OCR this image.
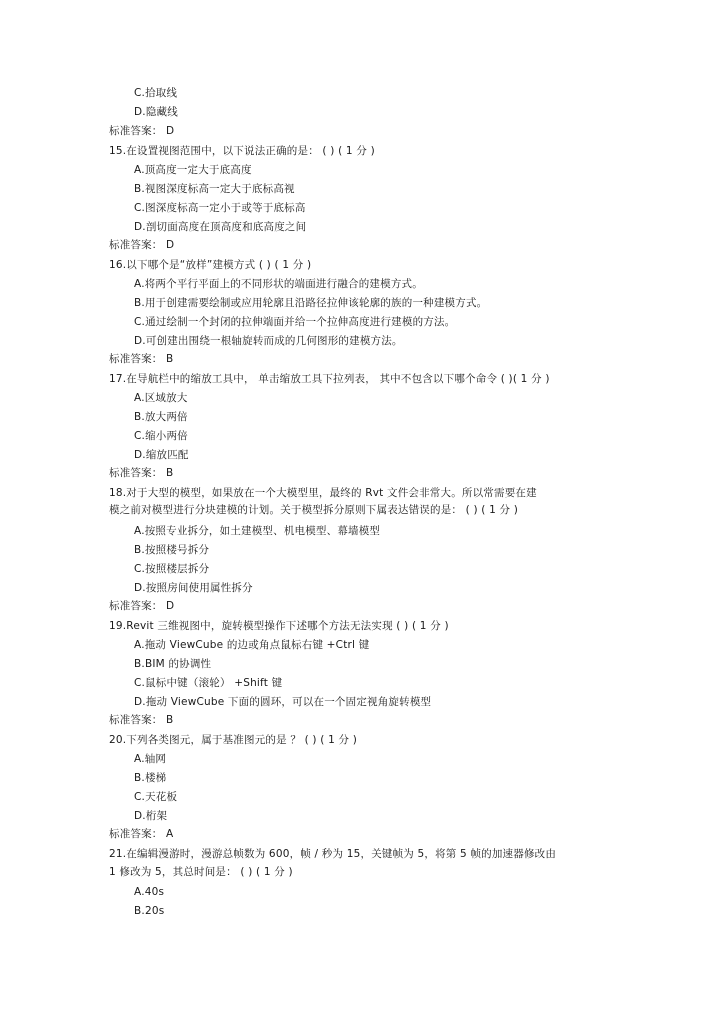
C.拾取线
D.隐藏线
标准答案： D
15.在设置视图范围中，以下说法正确的是： ( ) ( 1 分 )
A.顶高度一定大于底高度
B.视图深度标高一定大于底标高视
C.图深度标高一定小于或等于底标高
D.剖切面高度在顶高度和底高度之间
标准答案： D
16.以下哪个是“放样”建模方式 ( ) ( 1 分 )
A.将两个平行平面上的不同形状的端面进行融合的建模方式。
B.用于创建需要绘制或应用轮廓且沿路径拉伸该轮廓的族的一种建模方式。
C.通过绘制一个封闭的拉伸端面并给一个拉伸高度进行建模的方法。
D.可创建出围绕一根轴旋转而成的几何图形的建模方法。
标准答案： B
17.在导航栏中的缩放工具中， 单击缩放工具下拉列表， 其中不包含以下哪个命令 ( )( 1 分 )
A.区域放大
B.放大两倍
C.缩小两倍
D.缩放匹配
标准答案： B
18.对于大型的模型，如果放在一个大模型里，最终的 Rvt 文件会非常大。所以常需要在建
模之前对模型进行分块建模的计划。关于模型拆分原则下属表达错误的是： ( ) ( 1 分 )
A.按照专业拆分，如土建模型、机电模型、幕墙模型
B.按照楼号拆分
C.按照楼层拆分
D.按照房间使用属性拆分
标准答案： D
19.Revit 三维视图中，旋转模型操作下述哪个方法无法实现 ( ) ( 1 分 )
A.拖动 ViewCube 的边或角点鼠标右键 +Ctrl 键
B.BIM 的协调性
C.鼠标中键（滚轮） +Shift 键
D.拖动 ViewCube 下面的圆环，可以在一个固定视角旋转模型
标准答案： B
20.下列各类图元，属于基准图元的是 ？ ( ) ( 1 分 )
A.轴网
B.楼梯
C.天花板
D.桁架
标准答案： A
21.在编辑漫游时，漫游总帧数为 600，帧 / 秒为 15，关键帧为 5，将第 5 帧的加速器修改由
1 修改为 5，其总时间是： ( ) ( 1 分 )
A.40s
B.20s
